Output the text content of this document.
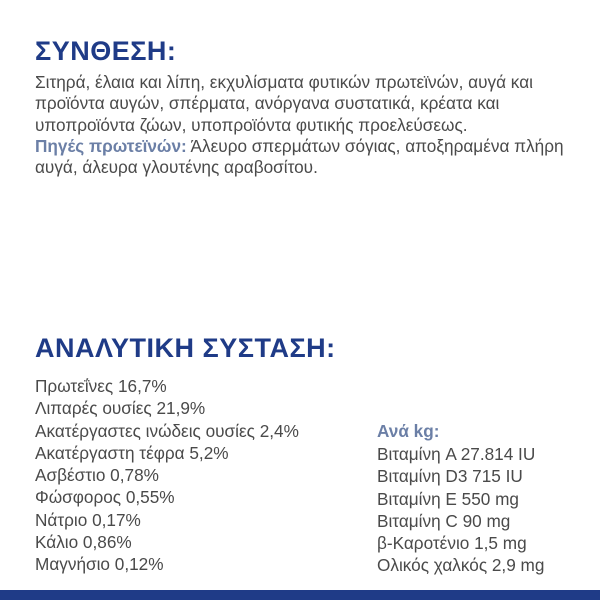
ΣΥΝΘΕΣΗ:

Σιτηρά, έλαια και λίπη, εκχυλίσματα φυτικών πρωτεϊνών, αυγά και προϊόντα αυγών, σπέρματα, ανόργανα συστατικά, κρέατα και υποπροϊόντα ζώων, υποπροϊόντα φυτικής προελεύσεως.
Πηγές πρωτεϊνών: Άλευρο σπερμάτων σόγιας, αποξηραμένα πλήρη αυγά, άλευρα γλουτένης αραβοσίτου.

ΑΝΑΛΥΤΙΚΗ ΣΥΣΤΑΣΗ:
Πρωτεΐνες 16,7%
Λιπαρές ουσίες 21,9%
Ακατέργαστες ινώδεις ουσίες 2,4%
Ακατέργαστη τέφρα 5,2%
Ασβέστιο 0,78%
Φώσφορος 0,55%
Νάτριο 0,17%
Κάλιο 0,86%
Μαγνήσιο 0,12%

Ανά kg:

Βιταμίνη A 27.814 IU
Βιταμίνη D3 715 IU
Βιταμίνη E 550 mg
Βιταμίνη C 90 mg
β-Καροτένιο 1,5 mg
Ολικός χαλκός 2,9 mg
